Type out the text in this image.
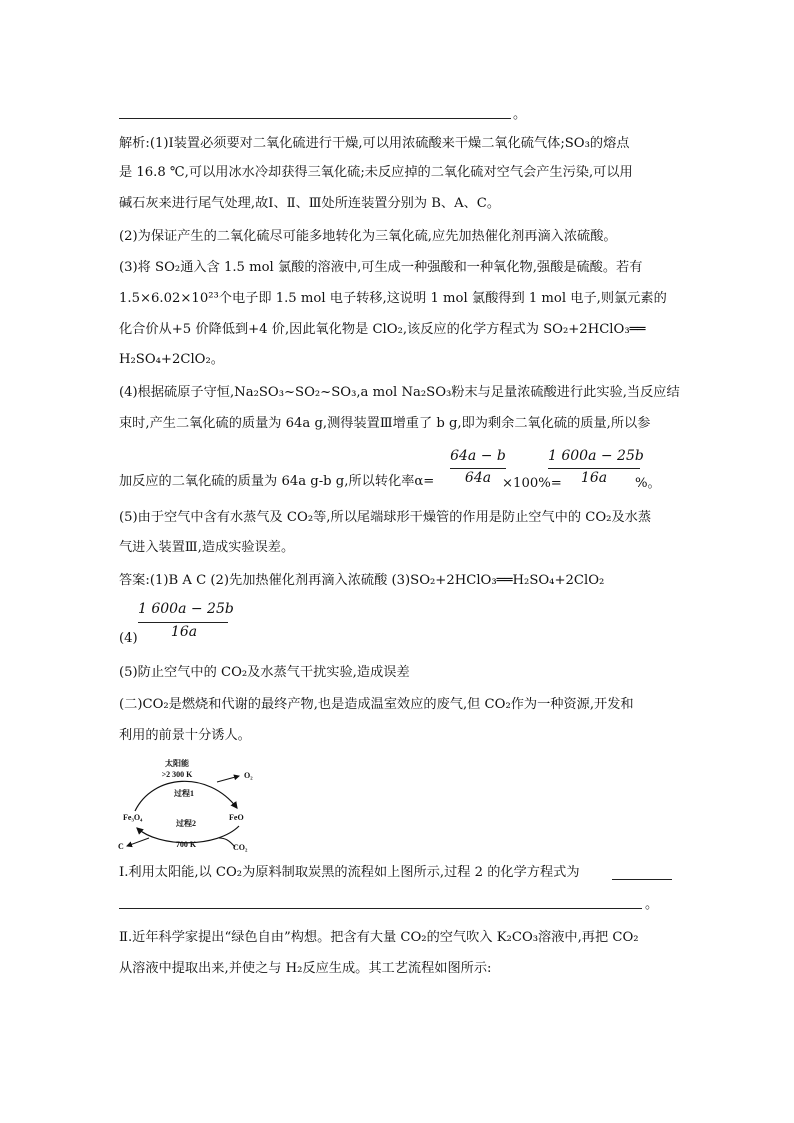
。
解析:(1)Ⅰ装置必须要对二氧化硫进行干燥,可以用浓硫酸来干燥二氧化硫气体;SO₃的熔点
是 16.8 ℃,可以用冰水冷却获得三氧化硫;未反应掉的二氧化硫对空气会产生污染,可以用
碱石灰来进行尾气处理,故Ⅰ、Ⅱ、Ⅲ处所连装置分别为 B、A、C。
(2)为保证产生的二氧化硫尽可能多地转化为三氧化硫,应先加热催化剂再滴入浓硫酸。
(3)将 SO₂通入含 1.5 mol 氯酸的溶液中,可生成一种强酸和一种氧化物,强酸是硫酸。若有
1.5×6.02×10²³个电子即 1.5 mol 电子转移,这说明 1 mol 氯酸得到 1 mol 电子,则氯元素的
化合价从+5 价降低到+4 价,因此氧化物是 ClO₂,该反应的化学方程式为 SO₂+2HClO₃══
H₂SO₄+2ClO₂。
(4)根据硫原子守恒,Na₂SO₃~SO₂~SO₃,a mol Na₂SO₃粉末与足量浓硫酸进行此实验,当反应结
束时,产生二氧化硫的质量为 64a g,测得装置Ⅲ增重了 b g,即为剩余二氧化硫的质量,所以参
加反应的二氧化硫的质量为 64a g-b g,所以转化率α=
64a − b
64a ×100%=
1 600a − 25b
16a	%。
(5)由于空气中含有水蒸气及 CO₂等,所以尾端球形干燥管的作用是防止空气中的 CO₂及水蒸
气进入装置Ⅲ,造成实验误差。
答案:(1)B A C (2)先加热催化剂再滴入浓硫酸 (3)SO₂+2HClO₃══H₂SO₄+2ClO₂
1 600a − 25b
(4)	16a
(5)防止空气中的 CO₂及水蒸气干扰实验,造成误差
(二)CO₂是燃烧和代谢的最终产物,也是造成温室效应的废气,但 CO₂作为一种资源,开发和
利用的前景十分诱人。
太阳能
>2 300 K	O₂
过程1
Fe₃O₄	FeO
过程2
C	CO₂
700 K
Ⅰ.利用太阳能,以 CO₂为原料制取炭黑的流程如上图所示,过程 2 的化学方程式为
。
Ⅱ.近年科学家提出“绿色自由”构想。把含有大量 CO₂的空气吹入 K₂CO₃溶液中,再把 CO₂
从溶液中提取出来,并使之与 H₂反应生成。其工艺流程如图所示:
